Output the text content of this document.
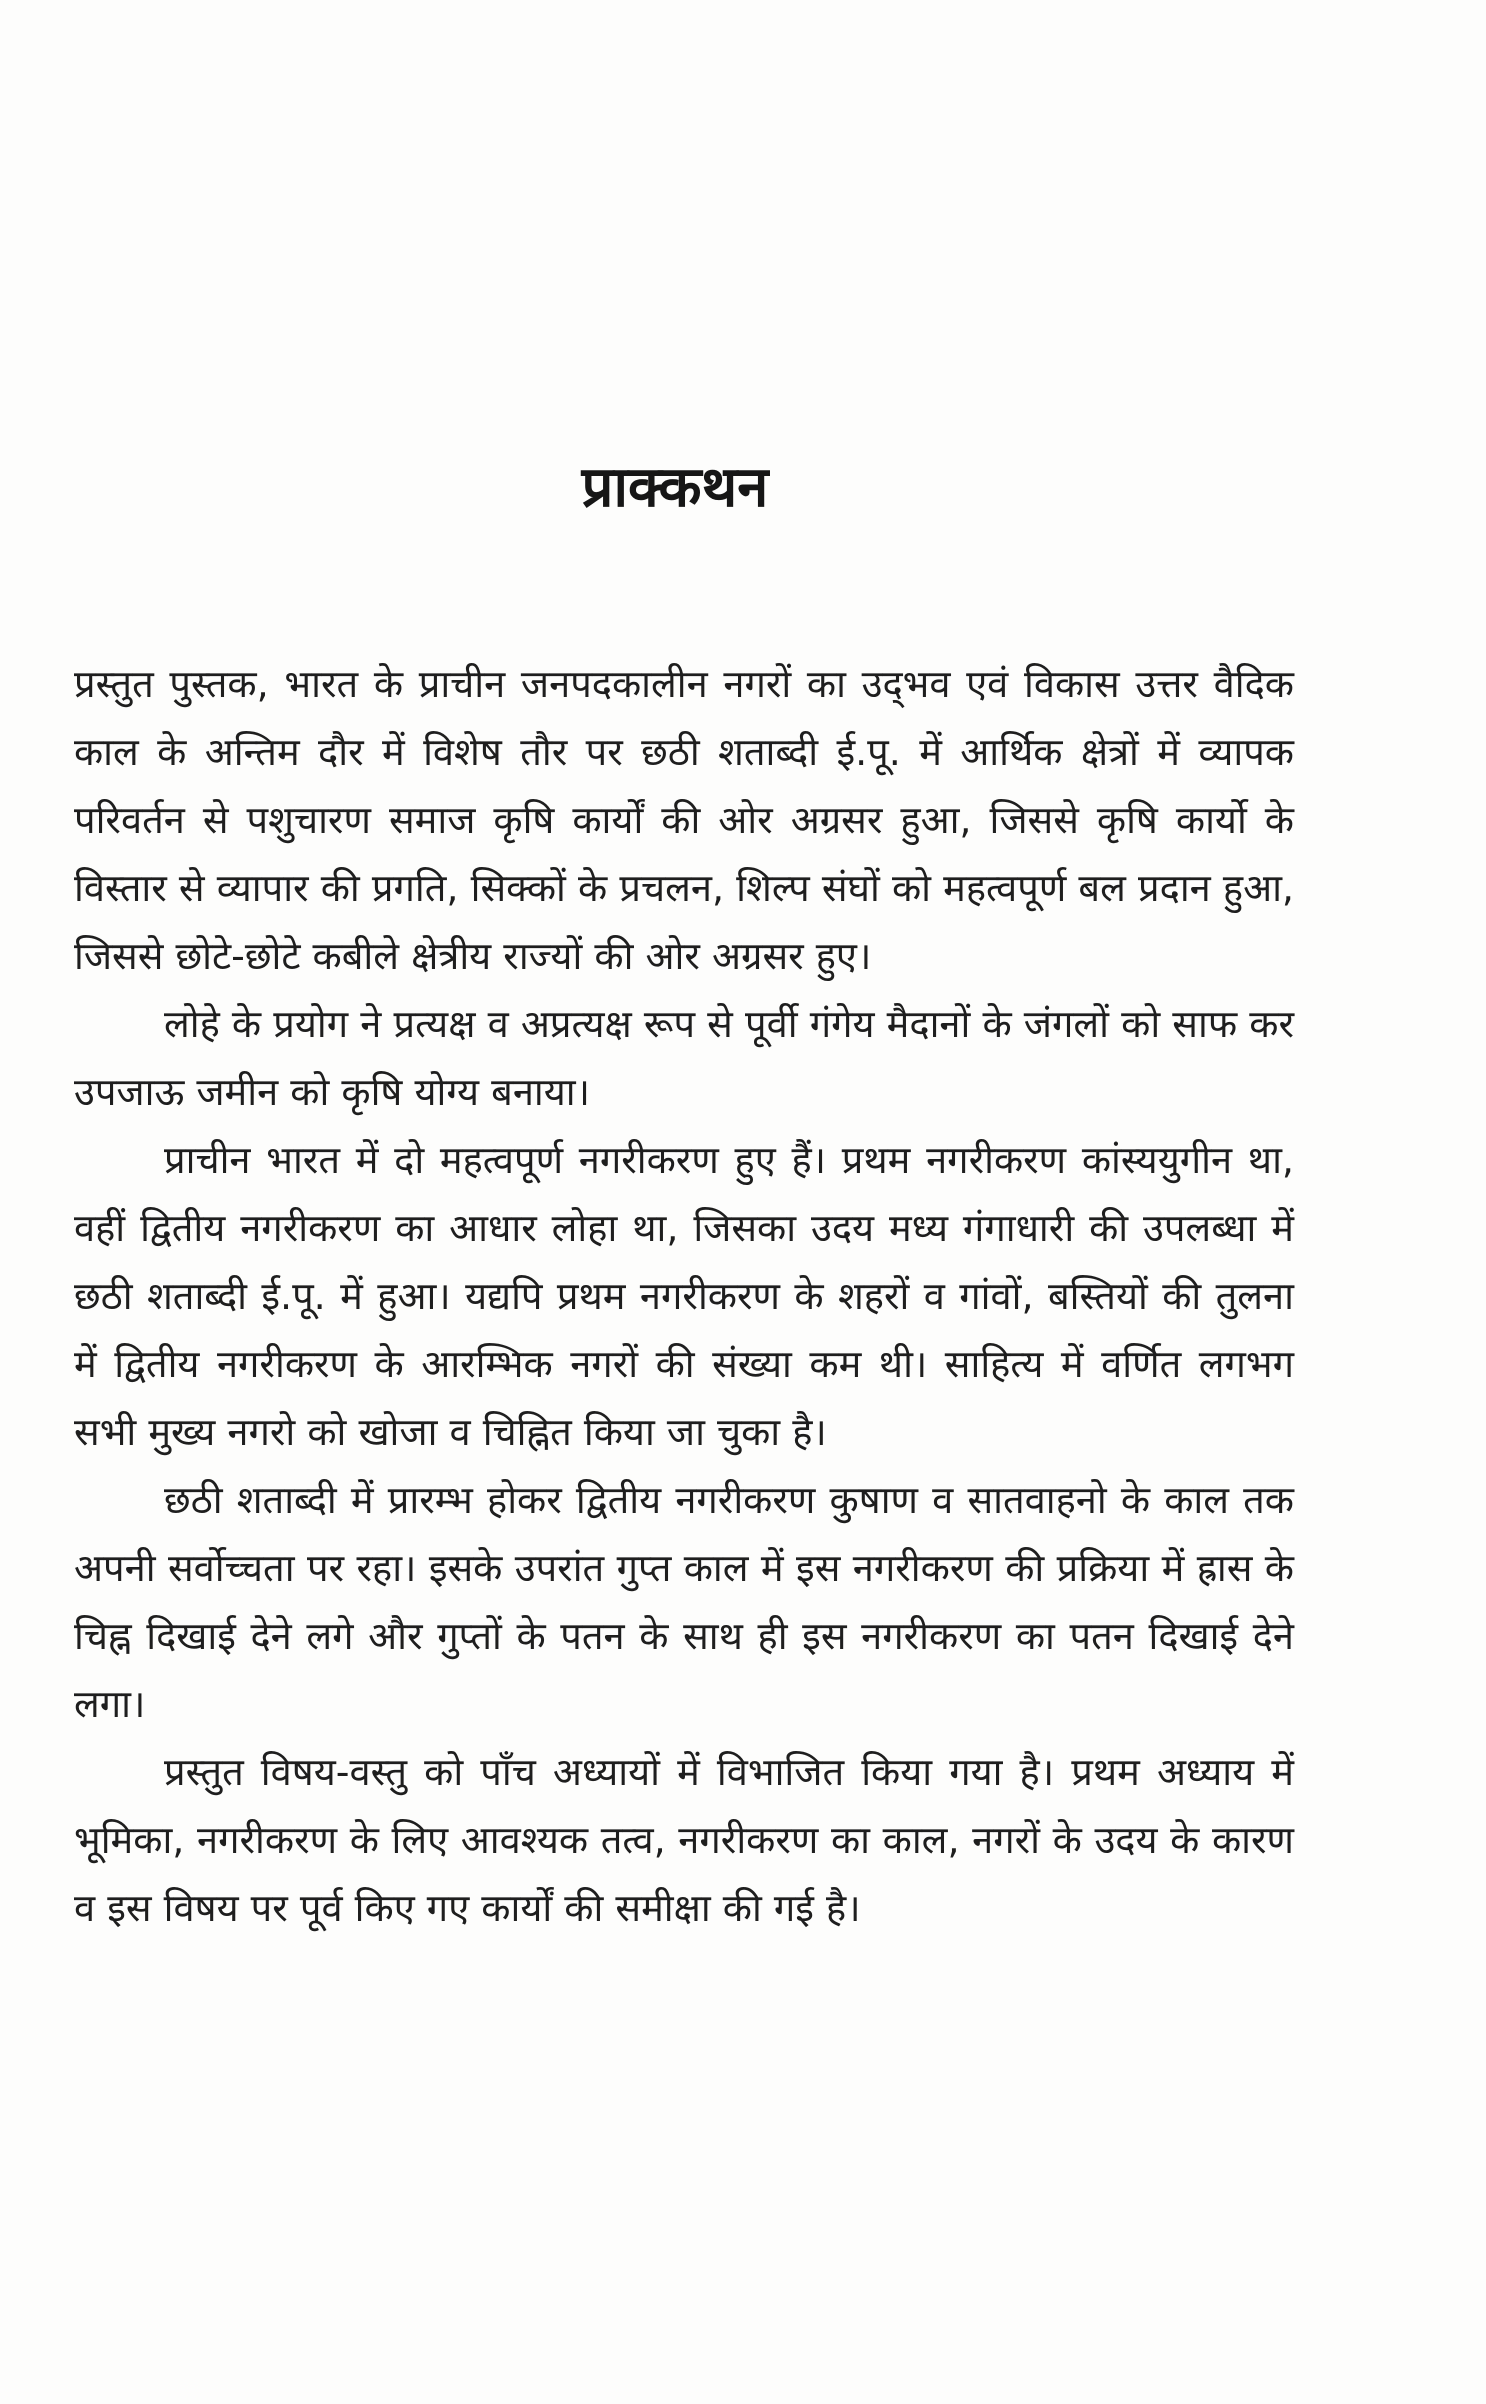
प्राक्कथन

प्रस्तुत पुस्तक, भारत के प्राचीन जनपदकालीन नगरों का उद्‌भव एवं विकास उत्तर वैदिक काल के अन्तिम दौर में विशेष तौर पर छठी शताब्दी ई.पू. में आर्थिक क्षेत्रों में व्यापक परिवर्तन से पशुचारण समाज कृषि कार्यों की ओर अग्रसर हुआ, जिससे कृषि कार्यो के विस्तार से व्यापार की प्रगति, सिक्कों के प्रचलन, शिल्प संघों को महत्वपूर्ण बल प्रदान हुआ, जिससे छोटे-छोटे कबीले क्षेत्रीय राज्यों की ओर अग्रसर हुए।

लोहे के प्रयोग ने प्रत्यक्ष व अप्रत्यक्ष रूप से पूर्वी गंगेय मैदानों के जंगलों को साफ कर उपजाऊ जमीन को कृषि योग्य बनाया।

प्राचीन भारत में दो महत्वपूर्ण नगरीकरण हुए हैं। प्रथम नगरीकरण कांस्ययुगीन था, वहीं द्वितीय नगरीकरण का आधार लोहा था, जिसका उदय मध्य गंगाधारी की उपलब्धा में छठी शताब्दी ई.पू. में हुआ। यद्यपि प्रथम नगरीकरण के शहरों व गांवों, बस्तियों की तुलना में द्वितीय नगरीकरण के आरम्भिक नगरों की संख्या कम थी। साहित्य में वर्णित लगभग सभी मुख्य नगरो को खोजा व चिह्नित किया जा चुका है।

छठी शताब्दी में प्रारम्भ होकर द्वितीय नगरीकरण कुषाण व सातवाहनो के काल तक अपनी सर्वोच्चता पर रहा। इसके उपरांत गुप्त काल में इस नगरीकरण की प्रक्रिया में ह्रास के चिह्न दिखाई देने लगे और गुप्तों के पतन के साथ ही इस नगरीकरण का पतन दिखाई देने लगा।

प्रस्तुत विषय-वस्तु को पाँच अध्यायों में विभाजित किया गया है। प्रथम अध्याय में भूमिका, नगरीकरण के लिए आवश्यक तत्व, नगरीकरण का काल, नगरों के उदय के कारण व इस विषय पर पूर्व किए गए कार्यों की समीक्षा की गई है।
